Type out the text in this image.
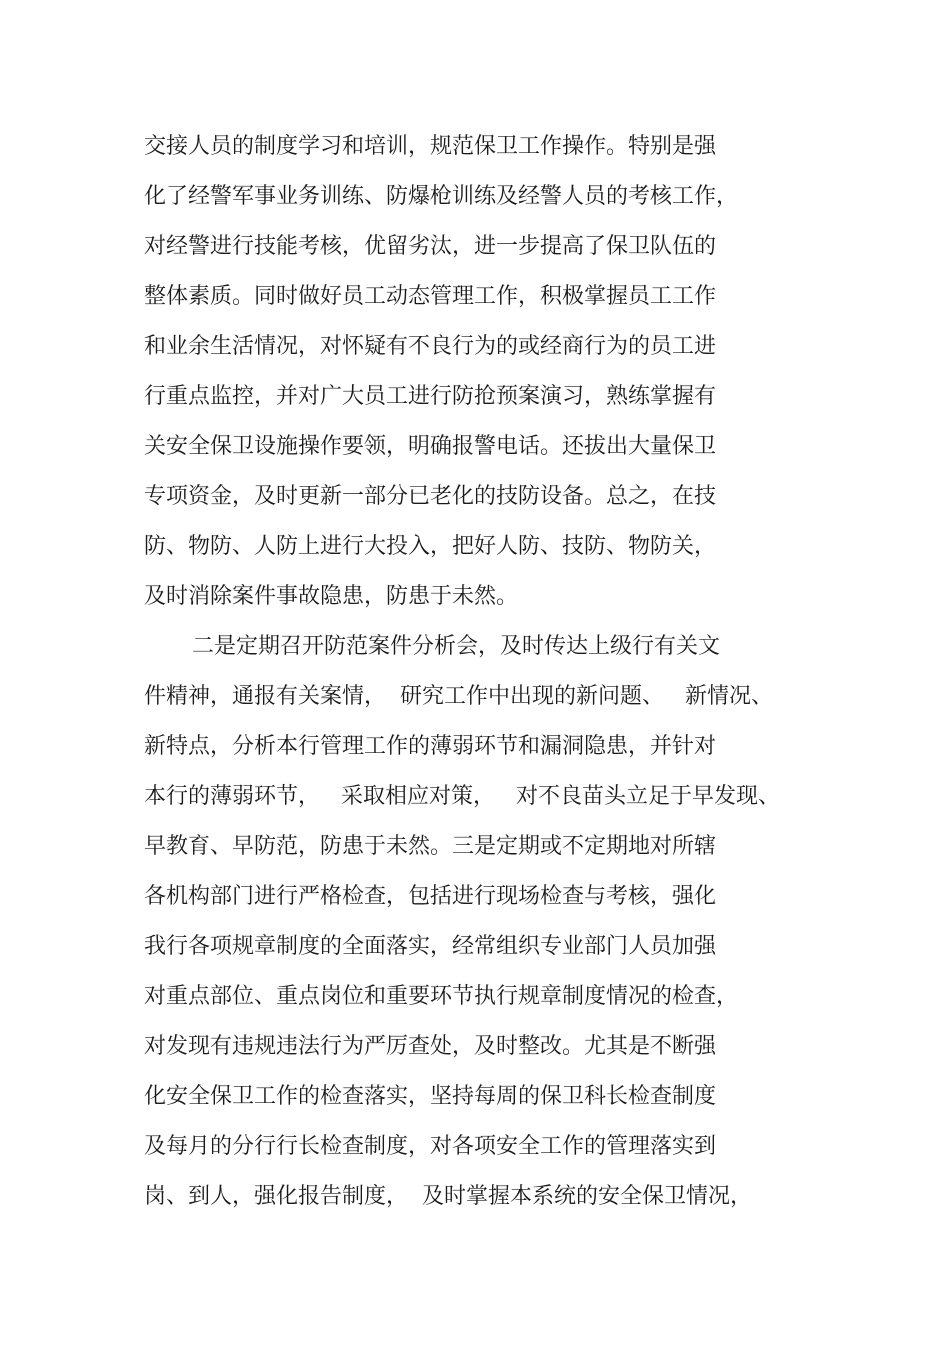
交接人员的制度学习和培训，规范保卫工作操作。特别是强
化了经警军事业务训练、防爆枪训练及经警人员的考核工作，
对经警进行技能考核，优留劣汰，进一步提高了保卫队伍的
整体素质。同时做好员工动态管理工作，积极掌握员工工作
和业余生活情况，对怀疑有不良行为的或经商行为的员工进
行重点监控，并对广大员工进行防抢预案演习，熟练掌握有
关安全保卫设施操作要领，明确报警电话。还拔出大量保卫
专项资金，及时更新一部分已老化的技防设备。总之，在技
防、物防、人防上进行大投入，把好人防、技防、物防关，
及时消除案件事故隐患，防患于未然。
二是定期召开防范案件分析会，及时传达上级行有关文
件精神，通报有关案情，  研究工作中出现的新问题、   新情况、
新特点，分析本行管理工作的薄弱环节和漏洞隐患，并针对
本行的薄弱环节，   采取相应对策，   对不良苗头立足于早发现、
早教育、早防范，防患于未然。三是定期或不定期地对所辖
各机构部门进行严格检查，包括进行现场检查与考核，强化
我行各项规章制度的全面落实，经常组织专业部门人员加强
对重点部位、重点岗位和重要环节执行规章制度情况的检查，
对发现有违规违法行为严厉查处，及时整改。尤其是不断强
化安全保卫工作的检查落实，坚持每周的保卫科长检查制度
及每月的分行行长检查制度，对各项安全工作的管理落实到
岗、到人，强化报告制度，  及时掌握本系统的安全保卫情况，
